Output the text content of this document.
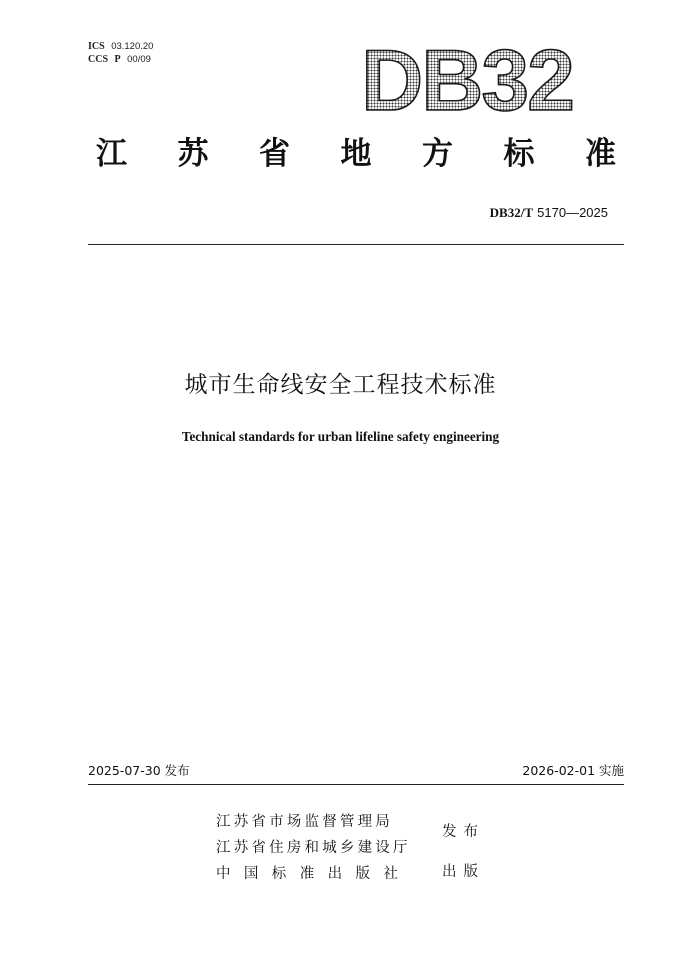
ICS 03.120.20
CCS P 00/09 DB32
江 苏 省 地 方 标 准
DB32/T 5170—2025
城市生命线安全工程技术标准
Technical standards for urban lifeline safety engineering
2025-07-30 发布	2026-02-01 实施
江苏省市场监督管理局
江苏省住房和城乡建设厅
中国标准出版社
发布
出版
